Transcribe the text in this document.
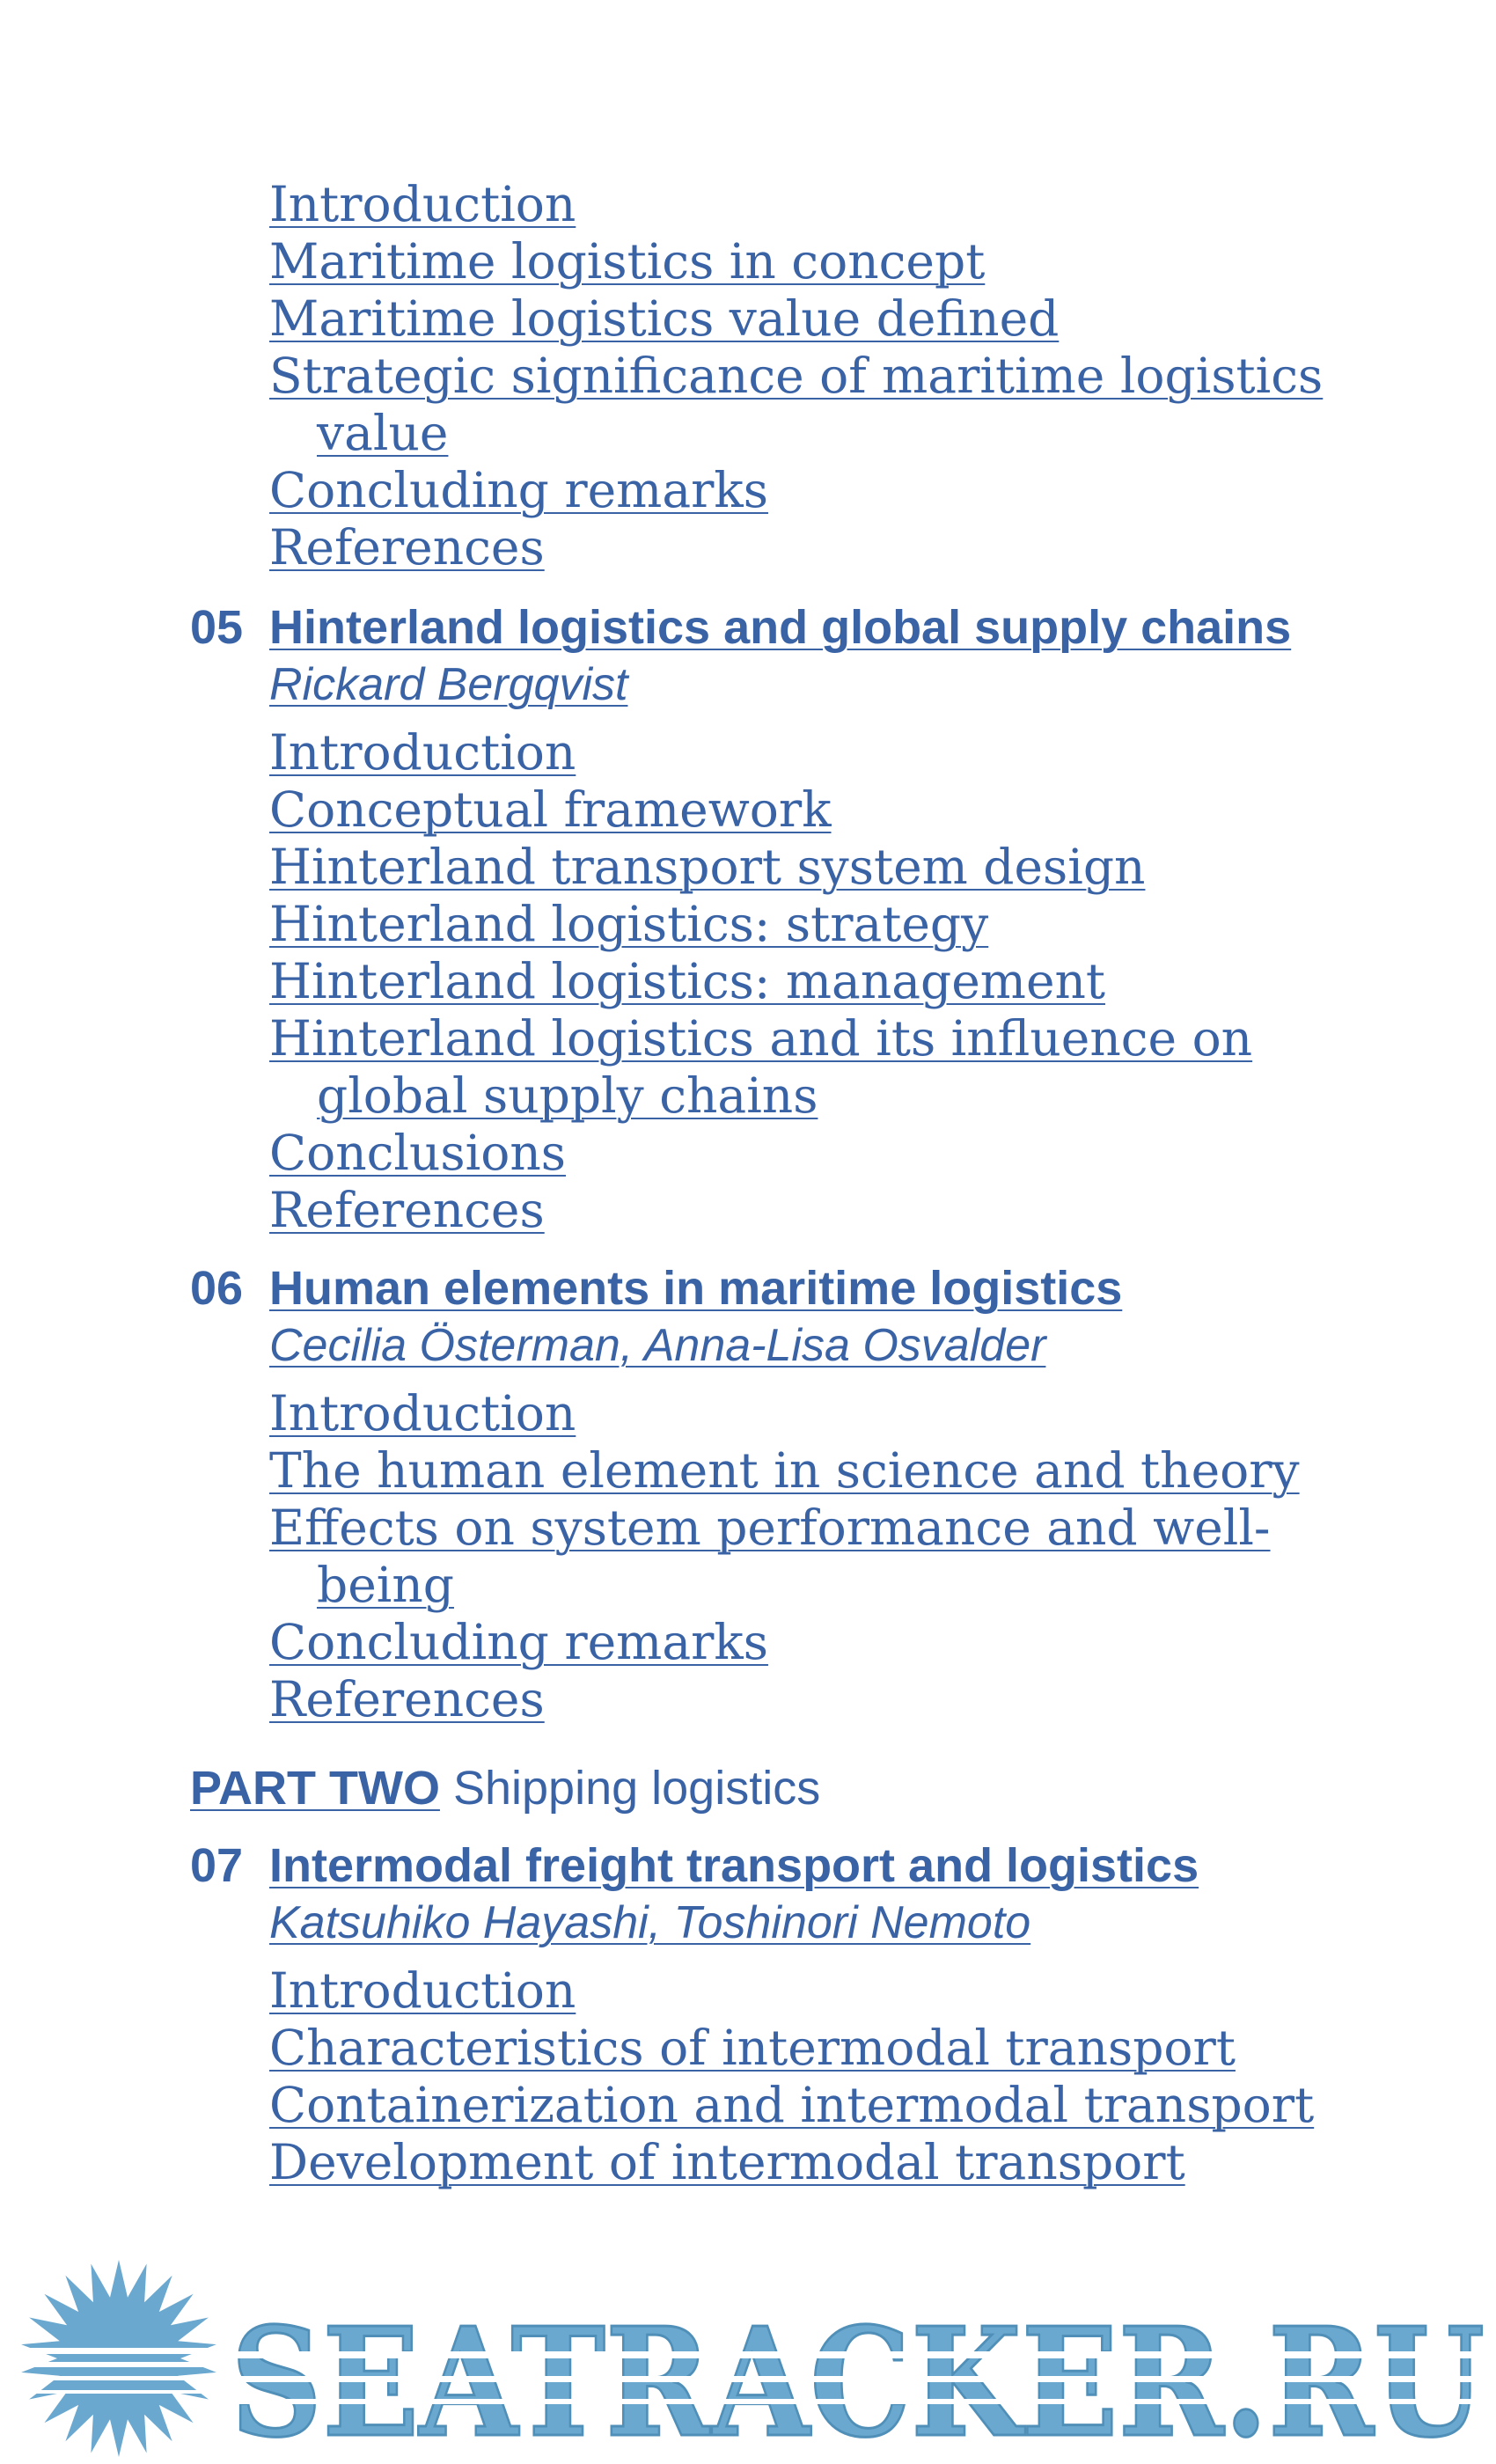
Introduction
Maritime logistics in concept
Maritime logistics value defined
Strategic significance of maritime logistics
value
Concluding remarks
References
05 Hinterland logistics and global supply chains
Rickard Bergqvist
Introduction
Conceptual framework
Hinterland transport system design
Hinterland logistics: strategy
Hinterland logistics: management
Hinterland logistics and its influence on
global supply chains
Conclusions
References
06 Human elements in maritime logistics
Cecilia Österman, Anna-Lisa Osvalder
Introduction
The human element in science and theory
Effects on system performance and well-
being
Concluding remarks
References
PART TWO Shipping logistics
07 Intermodal freight transport and logistics
Katsuhiko Hayashi, Toshinori Nemoto
Introduction
Characteristics of intermodal transport
Containerization and intermodal transport
Development of intermodal transport
